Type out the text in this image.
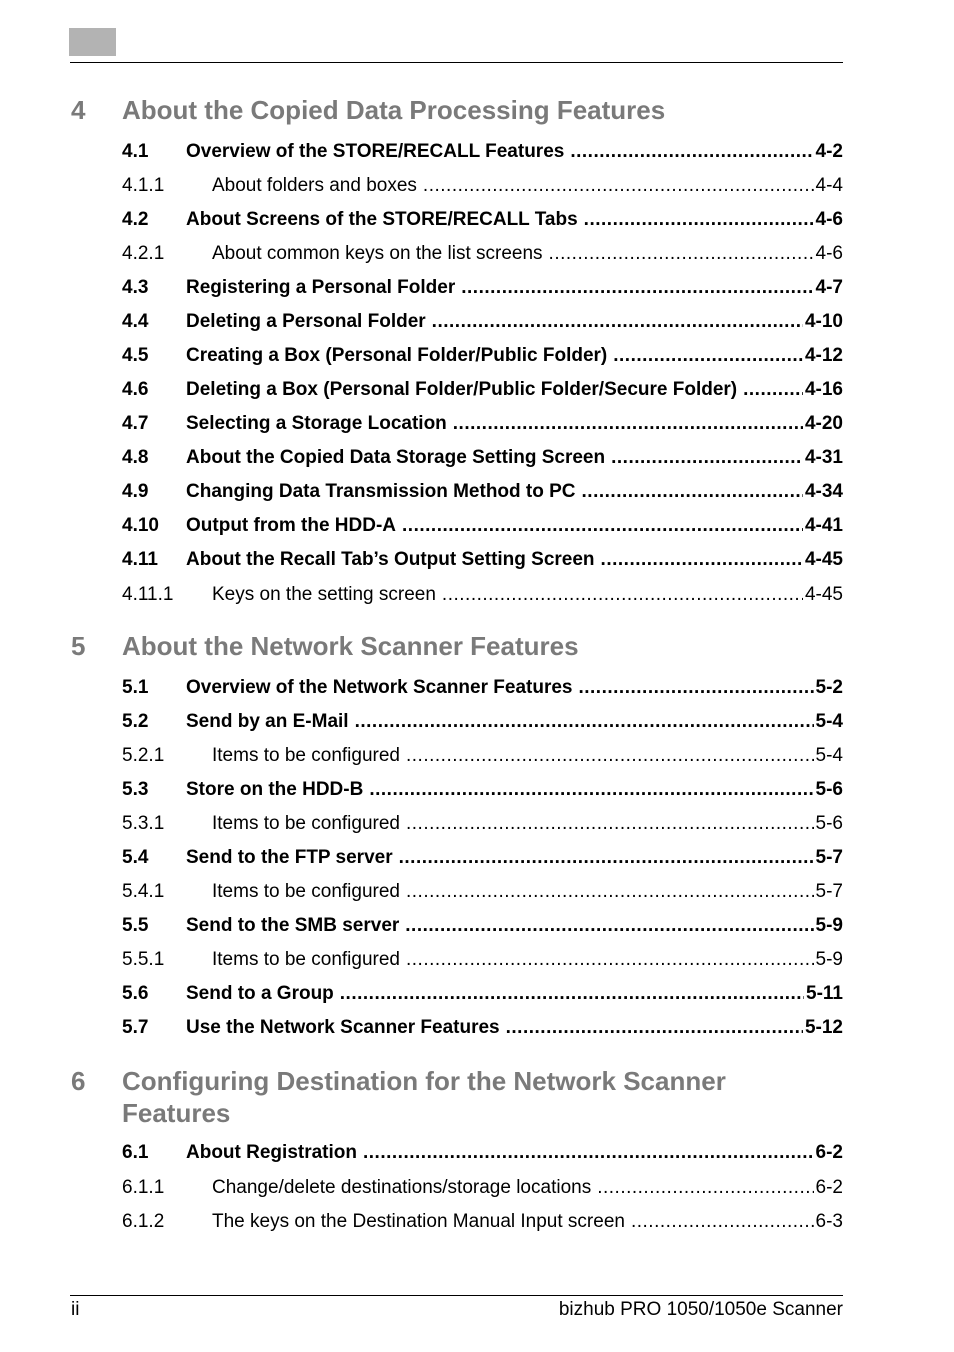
4 About the Copied Data Processing Features
4.1	Overview of the STORE/RECALL Features .....	4-2
4.1.1	About folders and boxes .....	4-4
4.2	About Screens of the STORE/RECALL Tabs .....	4-6
4.2.1	About common keys on the list screens .....	4-6
4.3	Registering a Personal Folder .....	4-7
4.4	Deleting a Personal Folder .....	4-10
4.5	Creating a Box (Personal Folder/Public Folder) .....	4-12
4.6	Deleting a Box (Personal Folder/Public Folder/Secure Folder) .....	4-16
4.7	Selecting a Storage Location .....	4-20
4.8	About the Copied Data Storage Setting Screen .....	4-31
4.9	Changing Data Transmission Method to PC .....	4-34
4.10	Output from the HDD-A .....	4-41
4.11	About the Recall Tab’s Output Setting Screen .....	4-45
4.11.1	Keys on the setting screen .....	4-45
5 About the Network Scanner Features
5.1	Overview of the Network Scanner Features .....	5-2
5.2	Send by an E-Mail .....	5-4
5.2.1	Items to be configured .....	5-4
5.3	Store on the HDD-B .....	5-6
5.3.1	Items to be configured .....	5-6
5.4	Send to the FTP server .....	5-7
5.4.1	Items to be configured .....	5-7
5.5	Send to the SMB server .....	5-9
5.5.1	Items to be configured .....	5-9
5.6	Send to a Group .....	5-11
5.7	Use the Network Scanner Features .....	5-12
6 Configuring Destination for the Network Scanner Features
6.1	About Registration .....	6-2
6.1.1	Change/delete destinations/storage locations .....	6-2
6.1.2	The keys on the Destination Manual Input screen .....	6-3
ii	bizhub PRO 1050/1050e Scanner
